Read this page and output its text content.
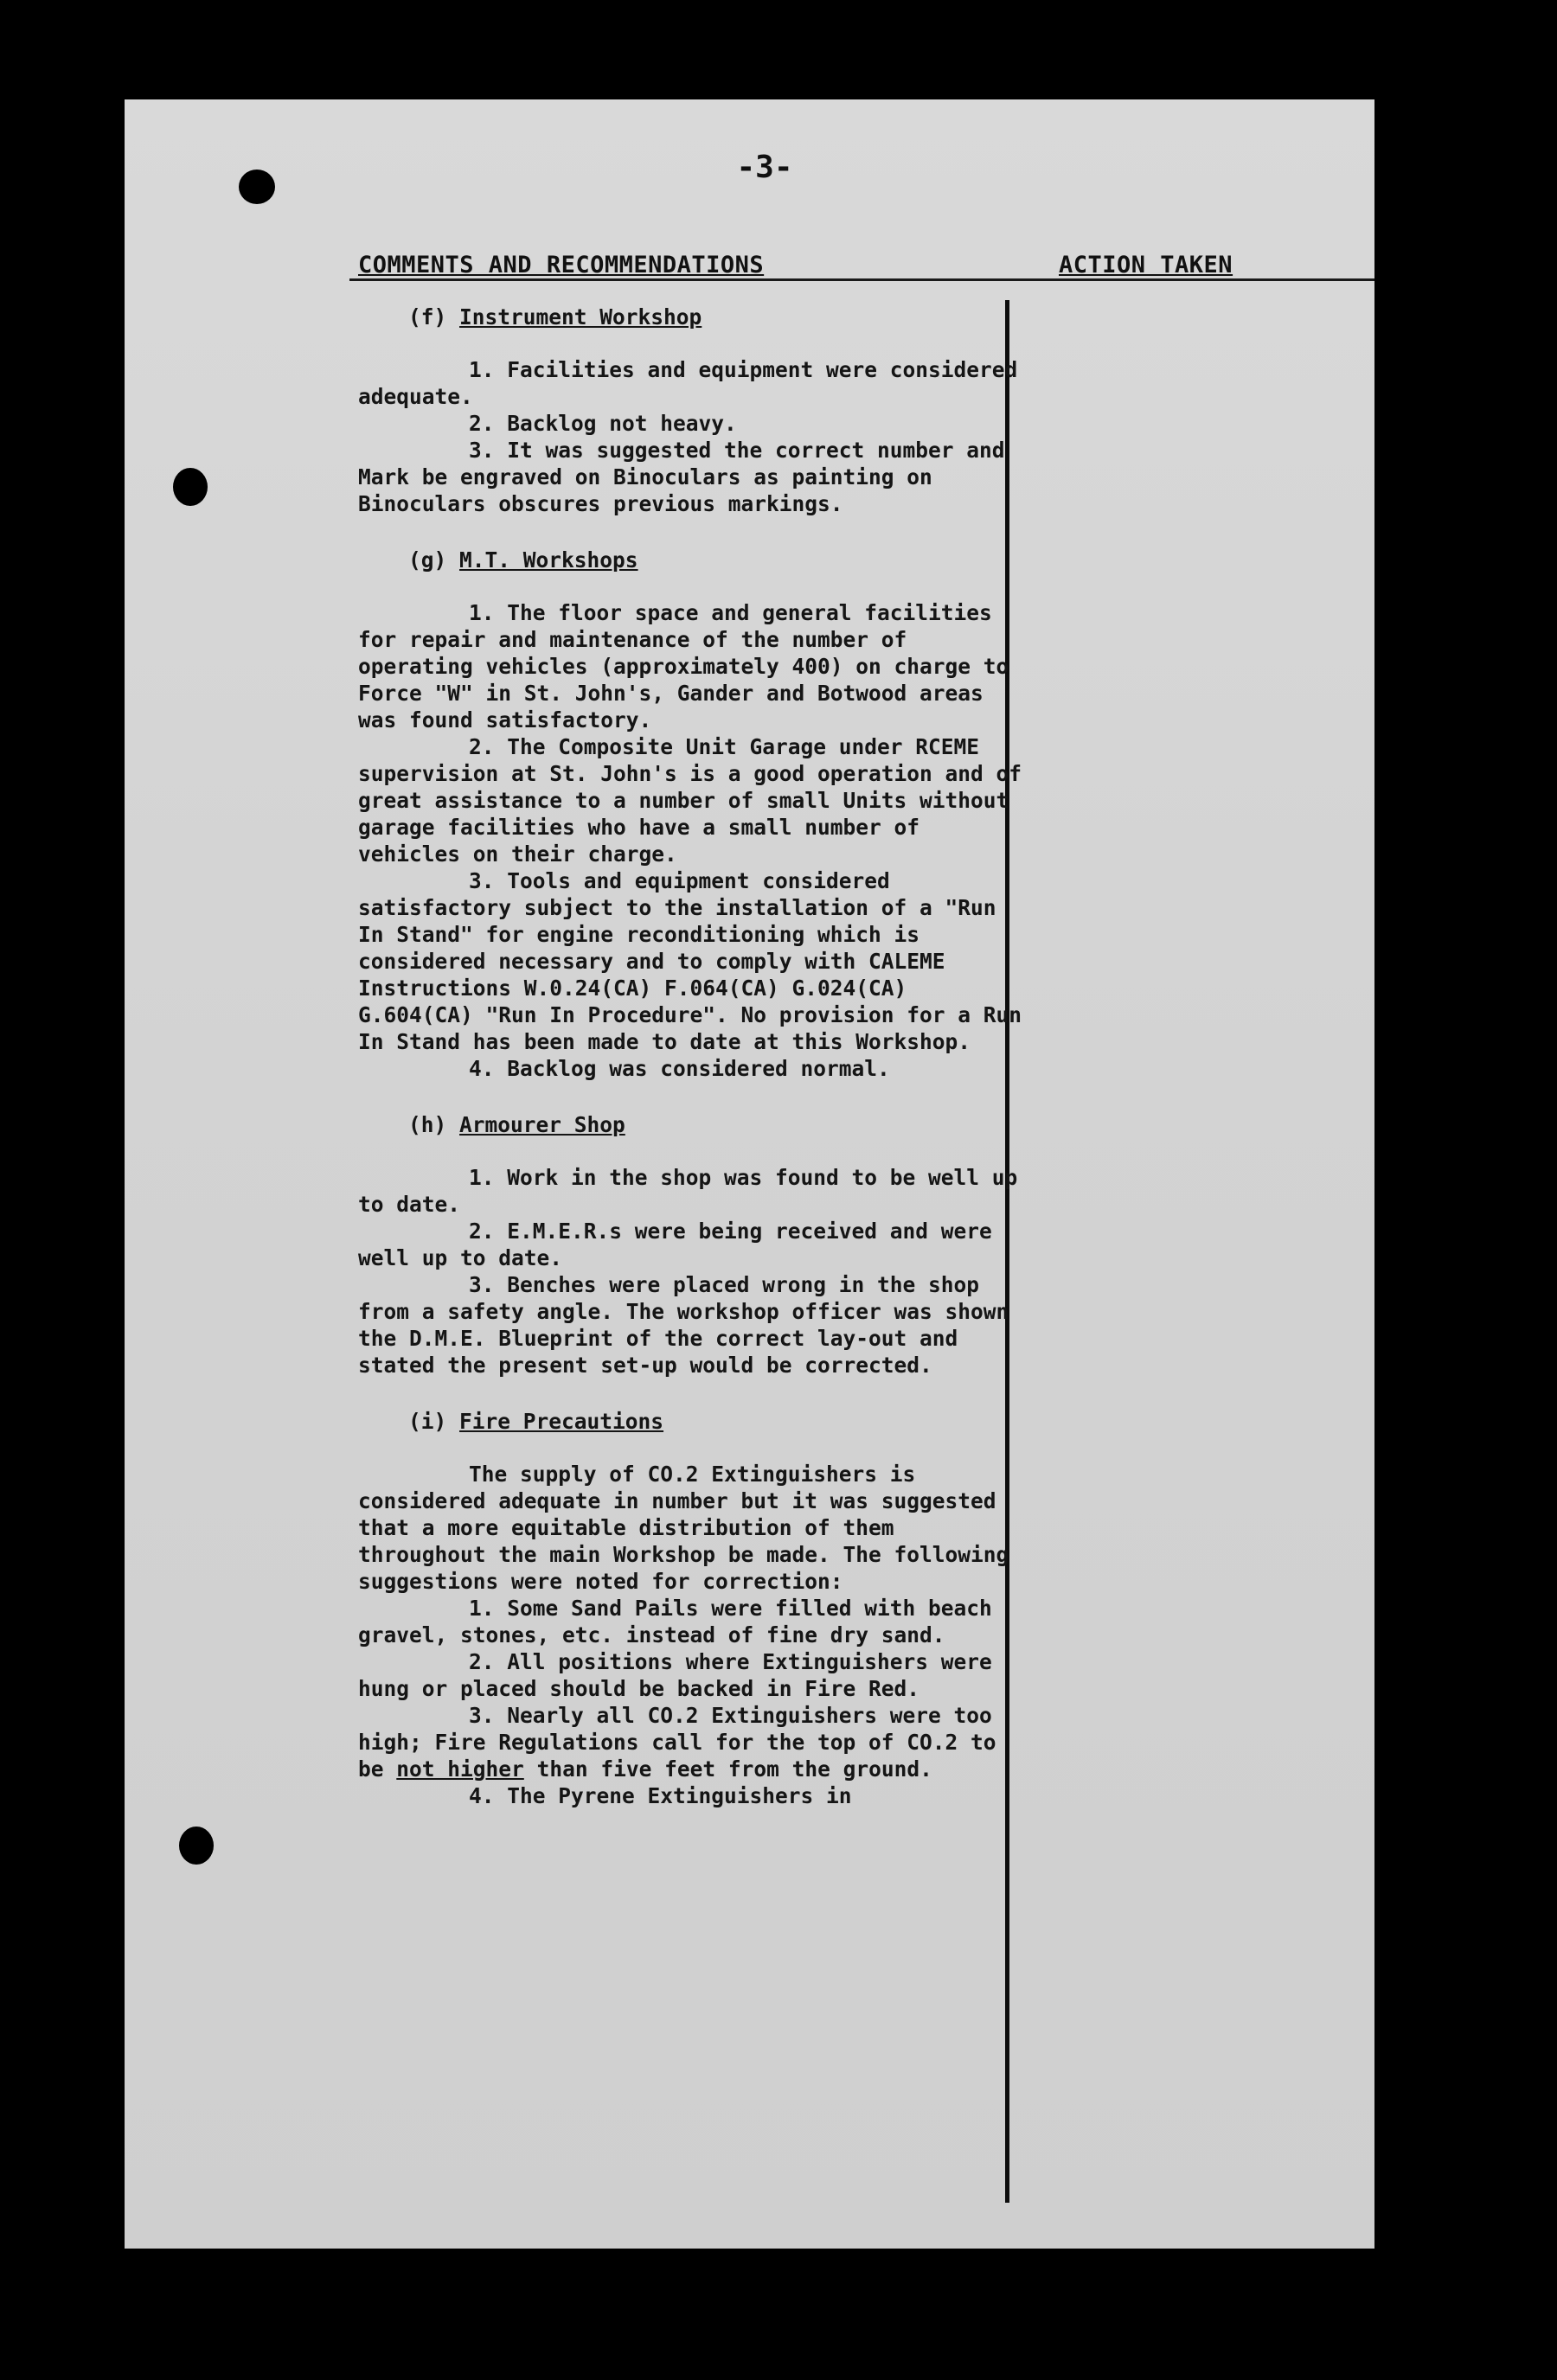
-3-
COMMENTS AND RECOMMENDATIONS	ACTION TAKEN
(f) Instrument Workshop

1. Facilities and equipment were considered adequate.

2. Backlog not heavy.

3. It was suggested the correct number and Mark be engraved on Binoculars as painting on Binoculars obscures previous markings.

(g) M.T. Workshops

1. The floor space and general facilities for repair and maintenance of the number of operating vehicles (approximately 400) on charge to Force "W" in St. John's, Gander and Botwood areas was found satisfactory.

2. The Composite Unit Garage under RCEME supervision at St. John's is a good operation and of great assistance to a number of small Units without garage facilities who have a small number of vehicles on their charge.

3. Tools and equipment considered satisfactory subject to the installation of a "Run In Stand" for engine reconditioning which is considered necessary and to comply with CALEME Instructions W.0.24(CA) F.064(CA) G.024(CA) G.604(CA) "Run In Procedure". No provision for a Run In Stand has been made to date at this Workshop.

4. Backlog was considered normal.

(h) Armourer Shop

1. Work in the shop was found to be well up to date.

2. E.M.E.R.s were being received and were well up to date.

3. Benches were placed wrong in the shop from a safety angle. The workshop officer was shown the D.M.E. Blueprint of the correct lay-out and stated the present set-up would be corrected.

(i) Fire Precautions

The supply of CO.2 Extinguishers is considered adequate in number but it was suggested that a more equitable distribution of them throughout the main Workshop be made. The following suggestions were noted for correction:

1. Some Sand Pails were filled with beach gravel, stones, etc. instead of fine dry sand.

2. All positions where Extinguishers were hung or placed should be backed in Fire Red.

3. Nearly all CO.2 Extinguishers were too high; Fire Regulations call for the top of CO.2 to be not higher than five feet from the ground.

4. The Pyrene Extinguishers in
